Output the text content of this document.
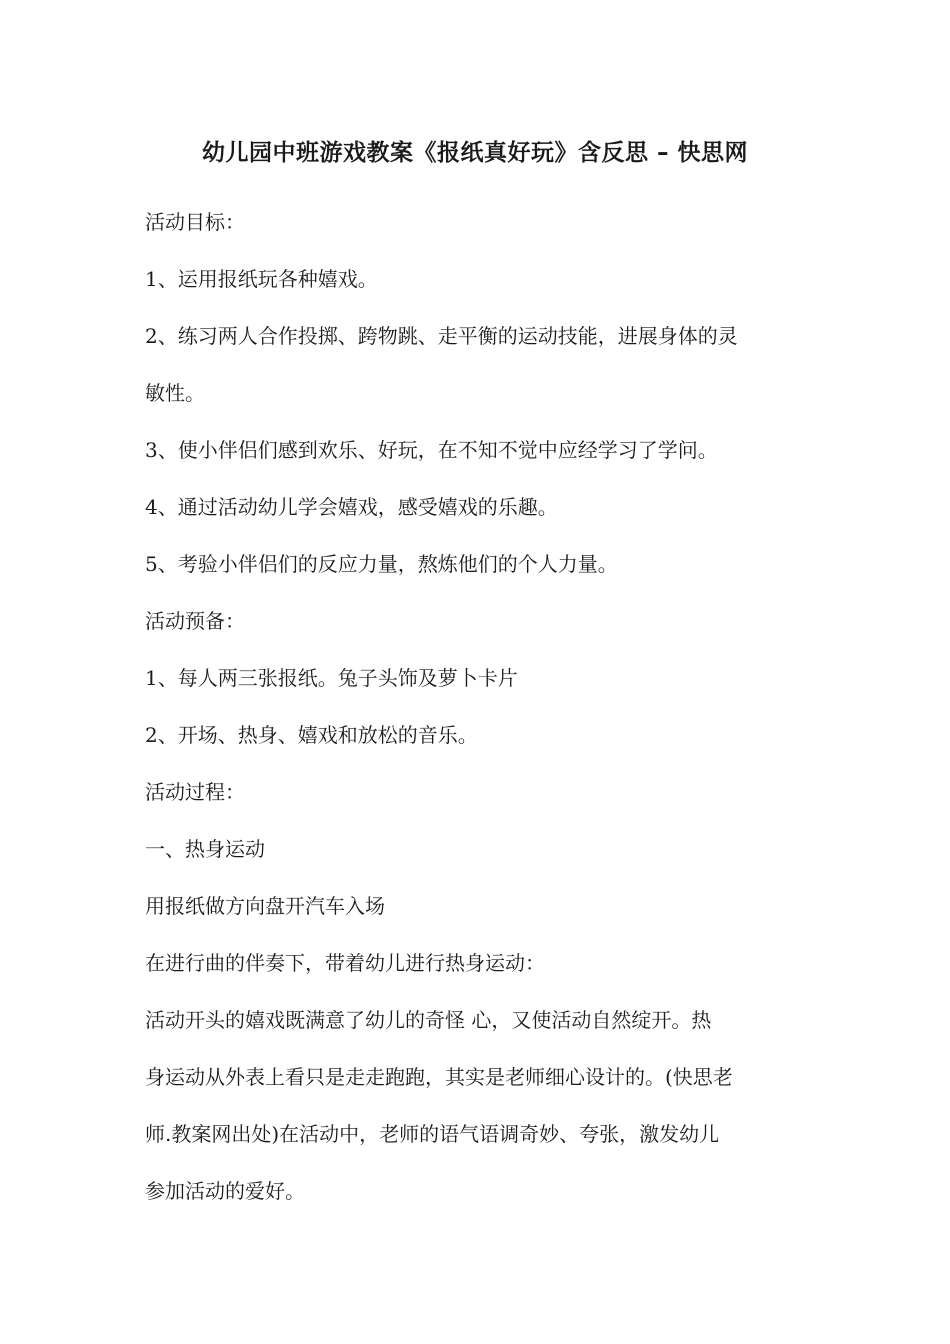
幼儿园中班游戏教案《报纸真好玩》含反思 – 快思网

活动目标：

1、运用报纸玩各种嬉戏。

2、练习两人合作投掷、跨物跳、走平衡的运动技能，进展身体的灵

敏性。

3、使小伴侣们感到欢乐、好玩，在不知不觉中应经学习了学问。

4、通过活动幼儿学会嬉戏，感受嬉戏的乐趣。

5、考验小伴侣们的反应力量，熬炼他们的个人力量。

活动预备：

1、每人两三张报纸。兔子头饰及萝卜卡片

2、开场、热身、嬉戏和放松的音乐。

活动过程：

一、热身运动

用报纸做方向盘开汽车入场

在进行曲的伴奏下，带着幼儿进行热身运动：

活动开头的嬉戏既满意了幼儿的奇怪 心，又使活动自然绽开。热

身运动从外表上看只是走走跑跑，其实是老师细心设计的。(快思老

师.教案网出处)在活动中，老师的语气语调奇妙、夸张，激发幼儿

参加活动的爱好。
